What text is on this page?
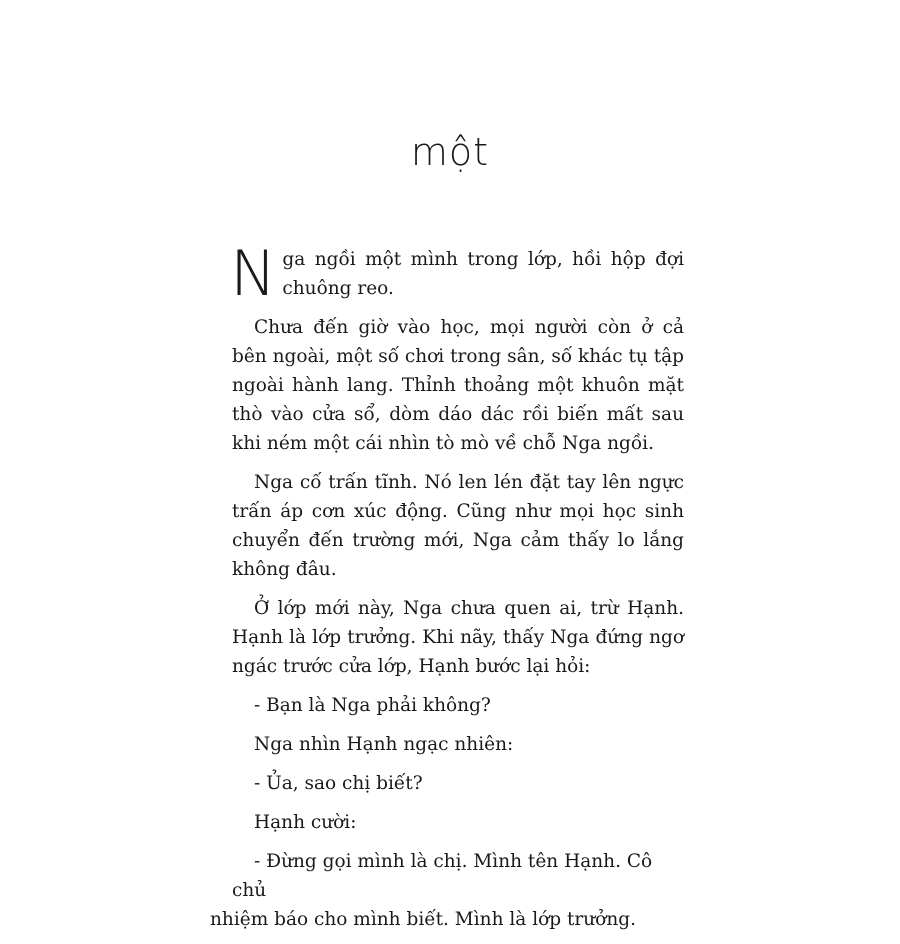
một

Nga ngồi một mình trong lớp, hồi hộp đợi chuông reo.

Chưa đến giờ vào học, mọi người còn ở cả bên ngoài, một số chơi trong sân, số khác tụ tập ngoài hành lang. Thỉnh thoảng một khuôn mặt thò vào cửa sổ, dòm dáo dác rồi biến mất sau khi ném một cái nhìn tò mò về chỗ Nga ngồi.

Nga cố trấn tĩnh. Nó len lén đặt tay lên ngực trấn áp cơn xúc động. Cũng như mọi học sinh chuyển đến trường mới, Nga cảm thấy lo lắng không đâu.

Ở lớp mới này, Nga chưa quen ai, trừ Hạnh. Hạnh là lớp trưởng. Khi nãy, thấy Nga đứng ngơ ngác trước cửa lớp, Hạnh bước lại hỏi:

- Bạn là Nga phải không?

Nga nhìn Hạnh ngạc nhiên:

- Ủa, sao chị biết?

Hạnh cười:

- Đừng gọi mình là chị. Mình tên Hạnh. Cô chủ
nhiệm báo cho mình biết. Mình là lớp trưởng.
